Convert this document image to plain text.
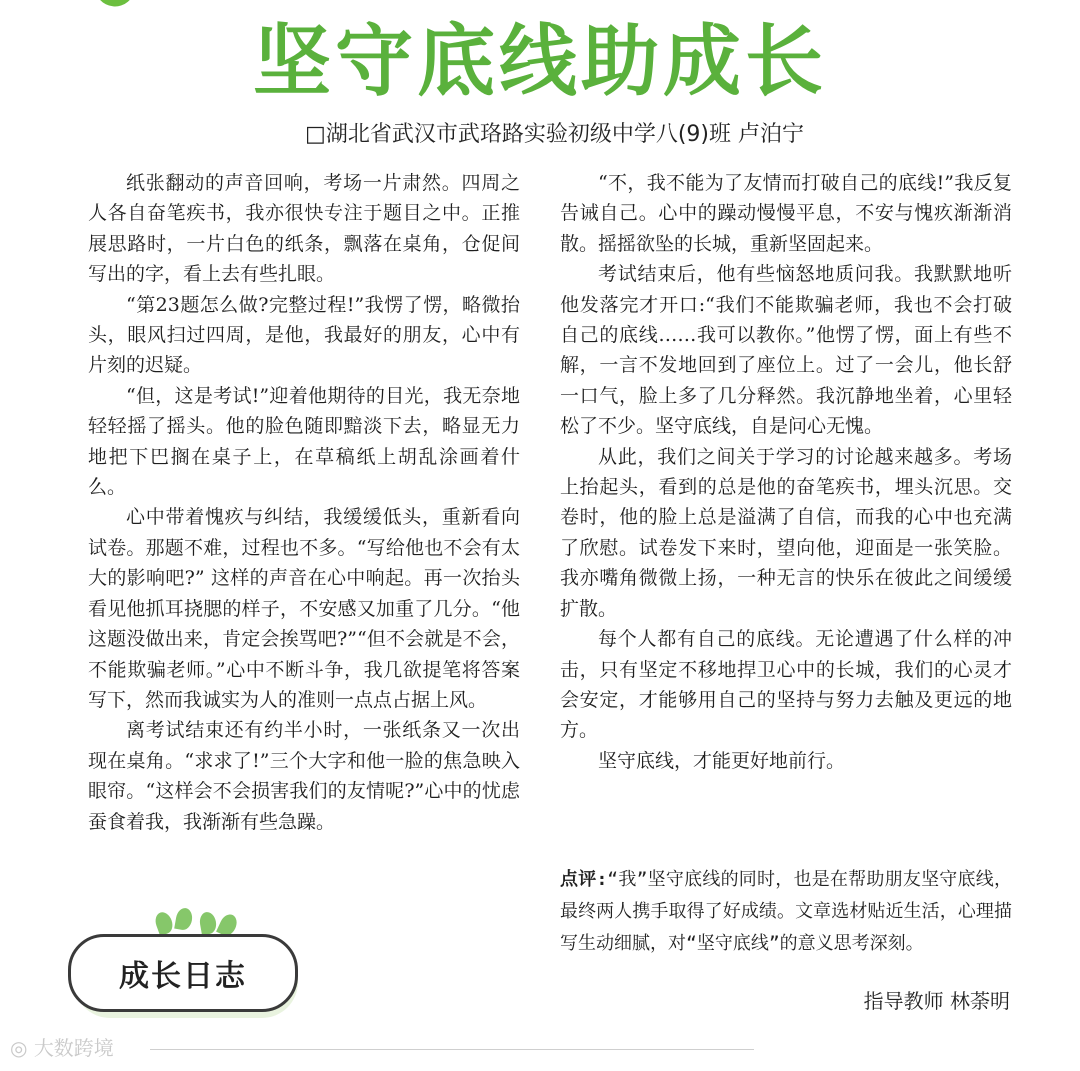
坚守底线助成长
□湖北省武汉市武珞路实验初级中学八(9)班 卢泊宁

纸张翻动的声音回响，考场一片肃然。四周之人各自奋笔疾书，我亦很快专注于题目之中。正推展思路时，一片白色的纸条，飘落在桌角，仓促间写出的字，看上去有些扎眼。

“第23题怎么做?完整过程!”我愣了愣，略微抬头，眼风扫过四周，是他，我最好的朋友，心中有片刻的迟疑。

“但，这是考试!”迎着他期待的目光，我无奈地轻轻摇了摇头。他的脸色随即黯淡下去，略显无力地把下巴搁在桌子上，在草稿纸上胡乱涂画着什么。

心中带着愧疚与纠结，我缓缓低头，重新看向试卷。那题不难，过程也不多。“写给他也不会有太大的影响吧?” 这样的声音在心中响起。再一次抬头看见他抓耳挠腮的样子，不安感又加重了几分。“他这题没做出来，肯定会挨骂吧?”“但不会就是不会，不能欺骗老师。”心中不断斗争，我几欲提笔将答案写下，然而我诚实为人的准则一点点占据上风。

离考试结束还有约半小时，一张纸条又一次出现在桌角。“求求了!”三个大字和他一脸的焦急映入眼帘。“这样会不会损害我们的友情呢?”心中的忧虑蚕食着我，我渐渐有些急躁。

“不，我不能为了友情而打破自己的底线!”我反复告诫自己。心中的躁动慢慢平息，不安与愧疚渐渐消散。摇摇欲坠的长城，重新坚固起来。

考试结束后，他有些恼怒地质问我。我默默地听他发落完才开口:“我们不能欺骗老师，我也不会打破自己的底线……我可以教你。”他愣了愣，面上有些不解，一言不发地回到了座位上。过了一会儿，他长舒一口气，脸上多了几分释然。我沉静地坐着，心里轻松了不少。坚守底线，自是问心无愧。

从此，我们之间关于学习的讨论越来越多。考场上抬起头，看到的总是他的奋笔疾书，埋头沉思。交卷时，他的脸上总是溢满了自信，而我的心中也充满了欣慰。试卷发下来时，望向他，迎面是一张笑脸。我亦嘴角微微上扬，一种无言的快乐在彼此之间缓缓扩散。

每个人都有自己的底线。无论遭遇了什么样的冲击，只有坚定不移地捍卫心中的长城，我们的心灵才会安定，才能够用自己的坚持与努力去触及更远的地方。

坚守底线，才能更好地前行。

点评:“我”坚守底线的同时，也是在帮助朋友坚守底线，最终两人携手取得了好成绩。文章选材贴近生活，心理描写生动细腻，对“坚守底线”的意义思考深刻。
指导教师 林荼明
成长日志
◎ 大数跨境
